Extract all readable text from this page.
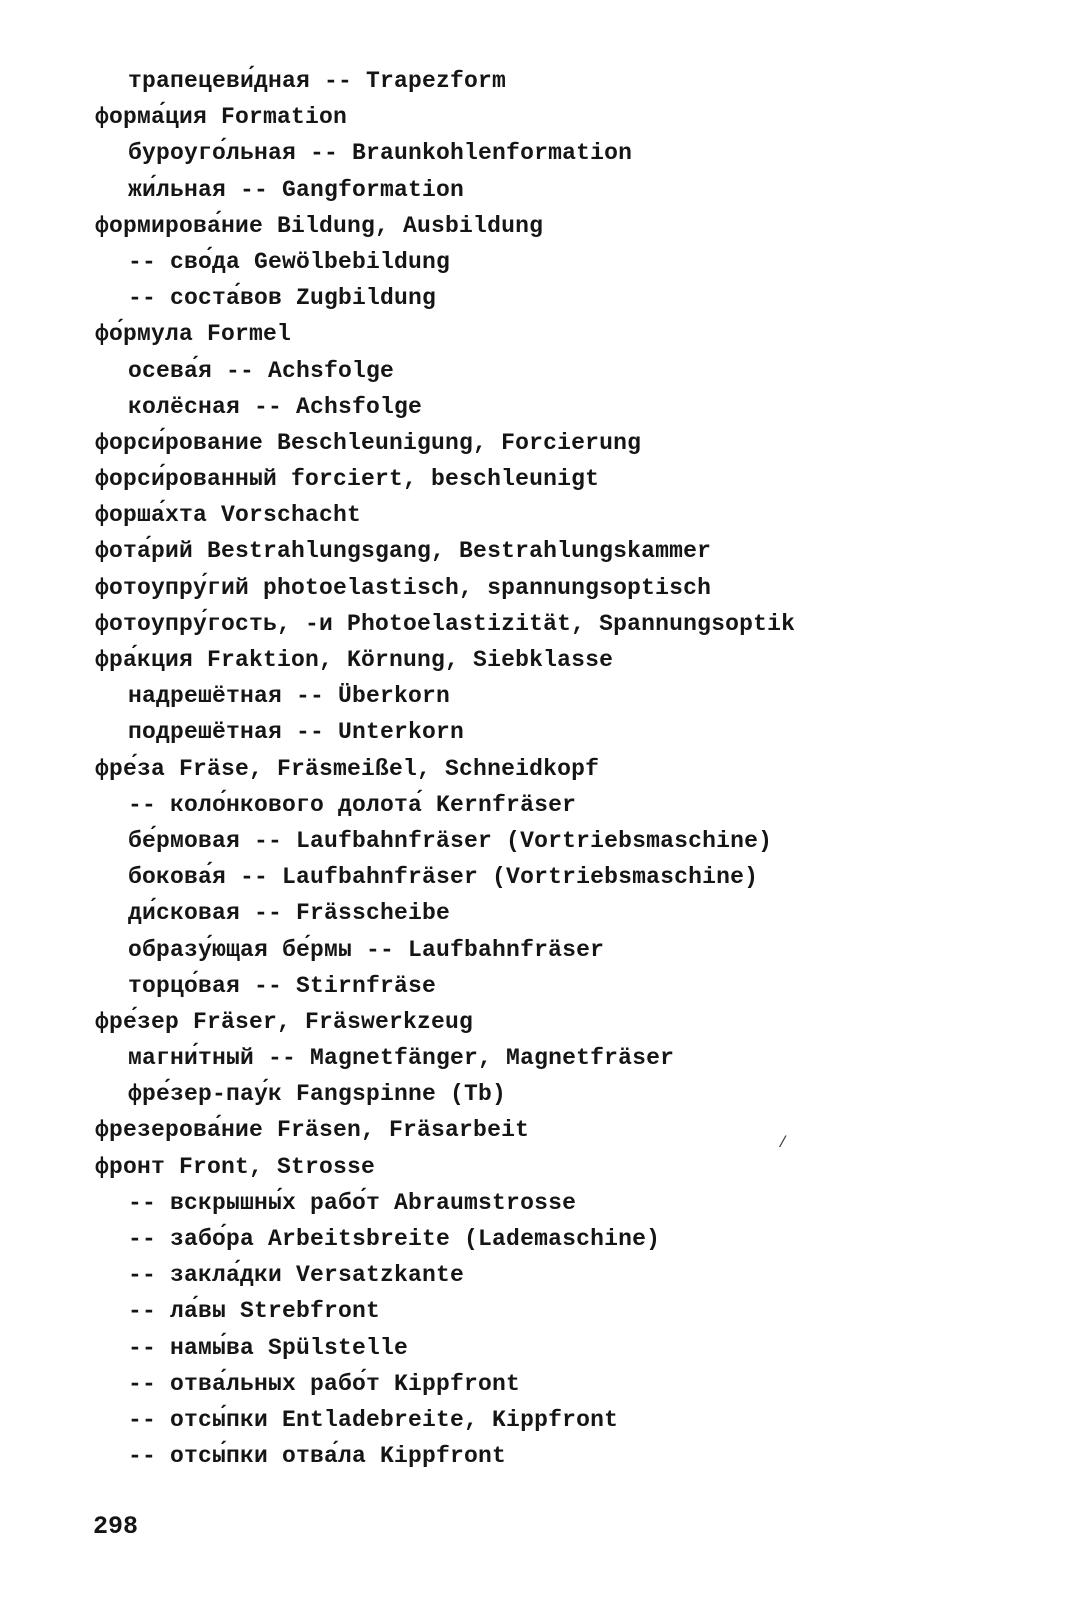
трапецеви́дная -- Trapezform
форма́ция Formation
буроуго́льная -- Braunkohlenformation
жи́льная -- Gangformation
формирова́ние Bildung, Ausbildung
-- сво́да Gewölbebildung
-- соста́вов Zugbildung
фо́рмула Formel
осева́я -- Achsfolge
колёсная -- Achsfolge
форси́рование Beschleunigung, Forcierung
форси́рованный forciert, beschleunigt
форша́хта Vorschacht
фота́рий Bestrahlungsgang, Bestrahlungskammer
фотоупру́гий photoelastisch, spannungsoptisch
фотоупру́гость, -и Photoelastizität, Spannungsoptik
фра́кция Fraktion, Körnung, Siebklasse
надрешётная -- Überkorn
подрешётная -- Unterkorn
фре́за Fräse, Fräsmeißel, Schneidkopf
-- коло́нкового долота́ Kernfräser
бе́рмовая -- Laufbahnfräser (Vortriebsmaschine)
бокова́я -- Laufbahnfräser (Vortriebsmaschine)
ди́сковая -- Frässcheibe
образу́ющая бе́рмы -- Laufbahnfräser
торцо́вая -- Stirnfräse
фре́зер Fräser, Fräswerkzeug
магни́тный -- Magnetfänger, Magnetfräser
фре́зер-пау́к Fangspinne (Tb)
фрезерова́ние Fräsen, Fräsarbeit
фронт Front, Strosse
-- вскрышны́х рабо́т Abraumstrosse
-- забо́ра Arbeitsbreite (Lademaschine)
-- закла́дки Versatzkante
-- ла́вы Strebfront
-- намы́ва Spülstelle
-- отва́льных рабо́т Kippfront
-- отсы́пки Entladebreite, Kippfront
-- отсы́пки отва́ла Kippfront
/
298
